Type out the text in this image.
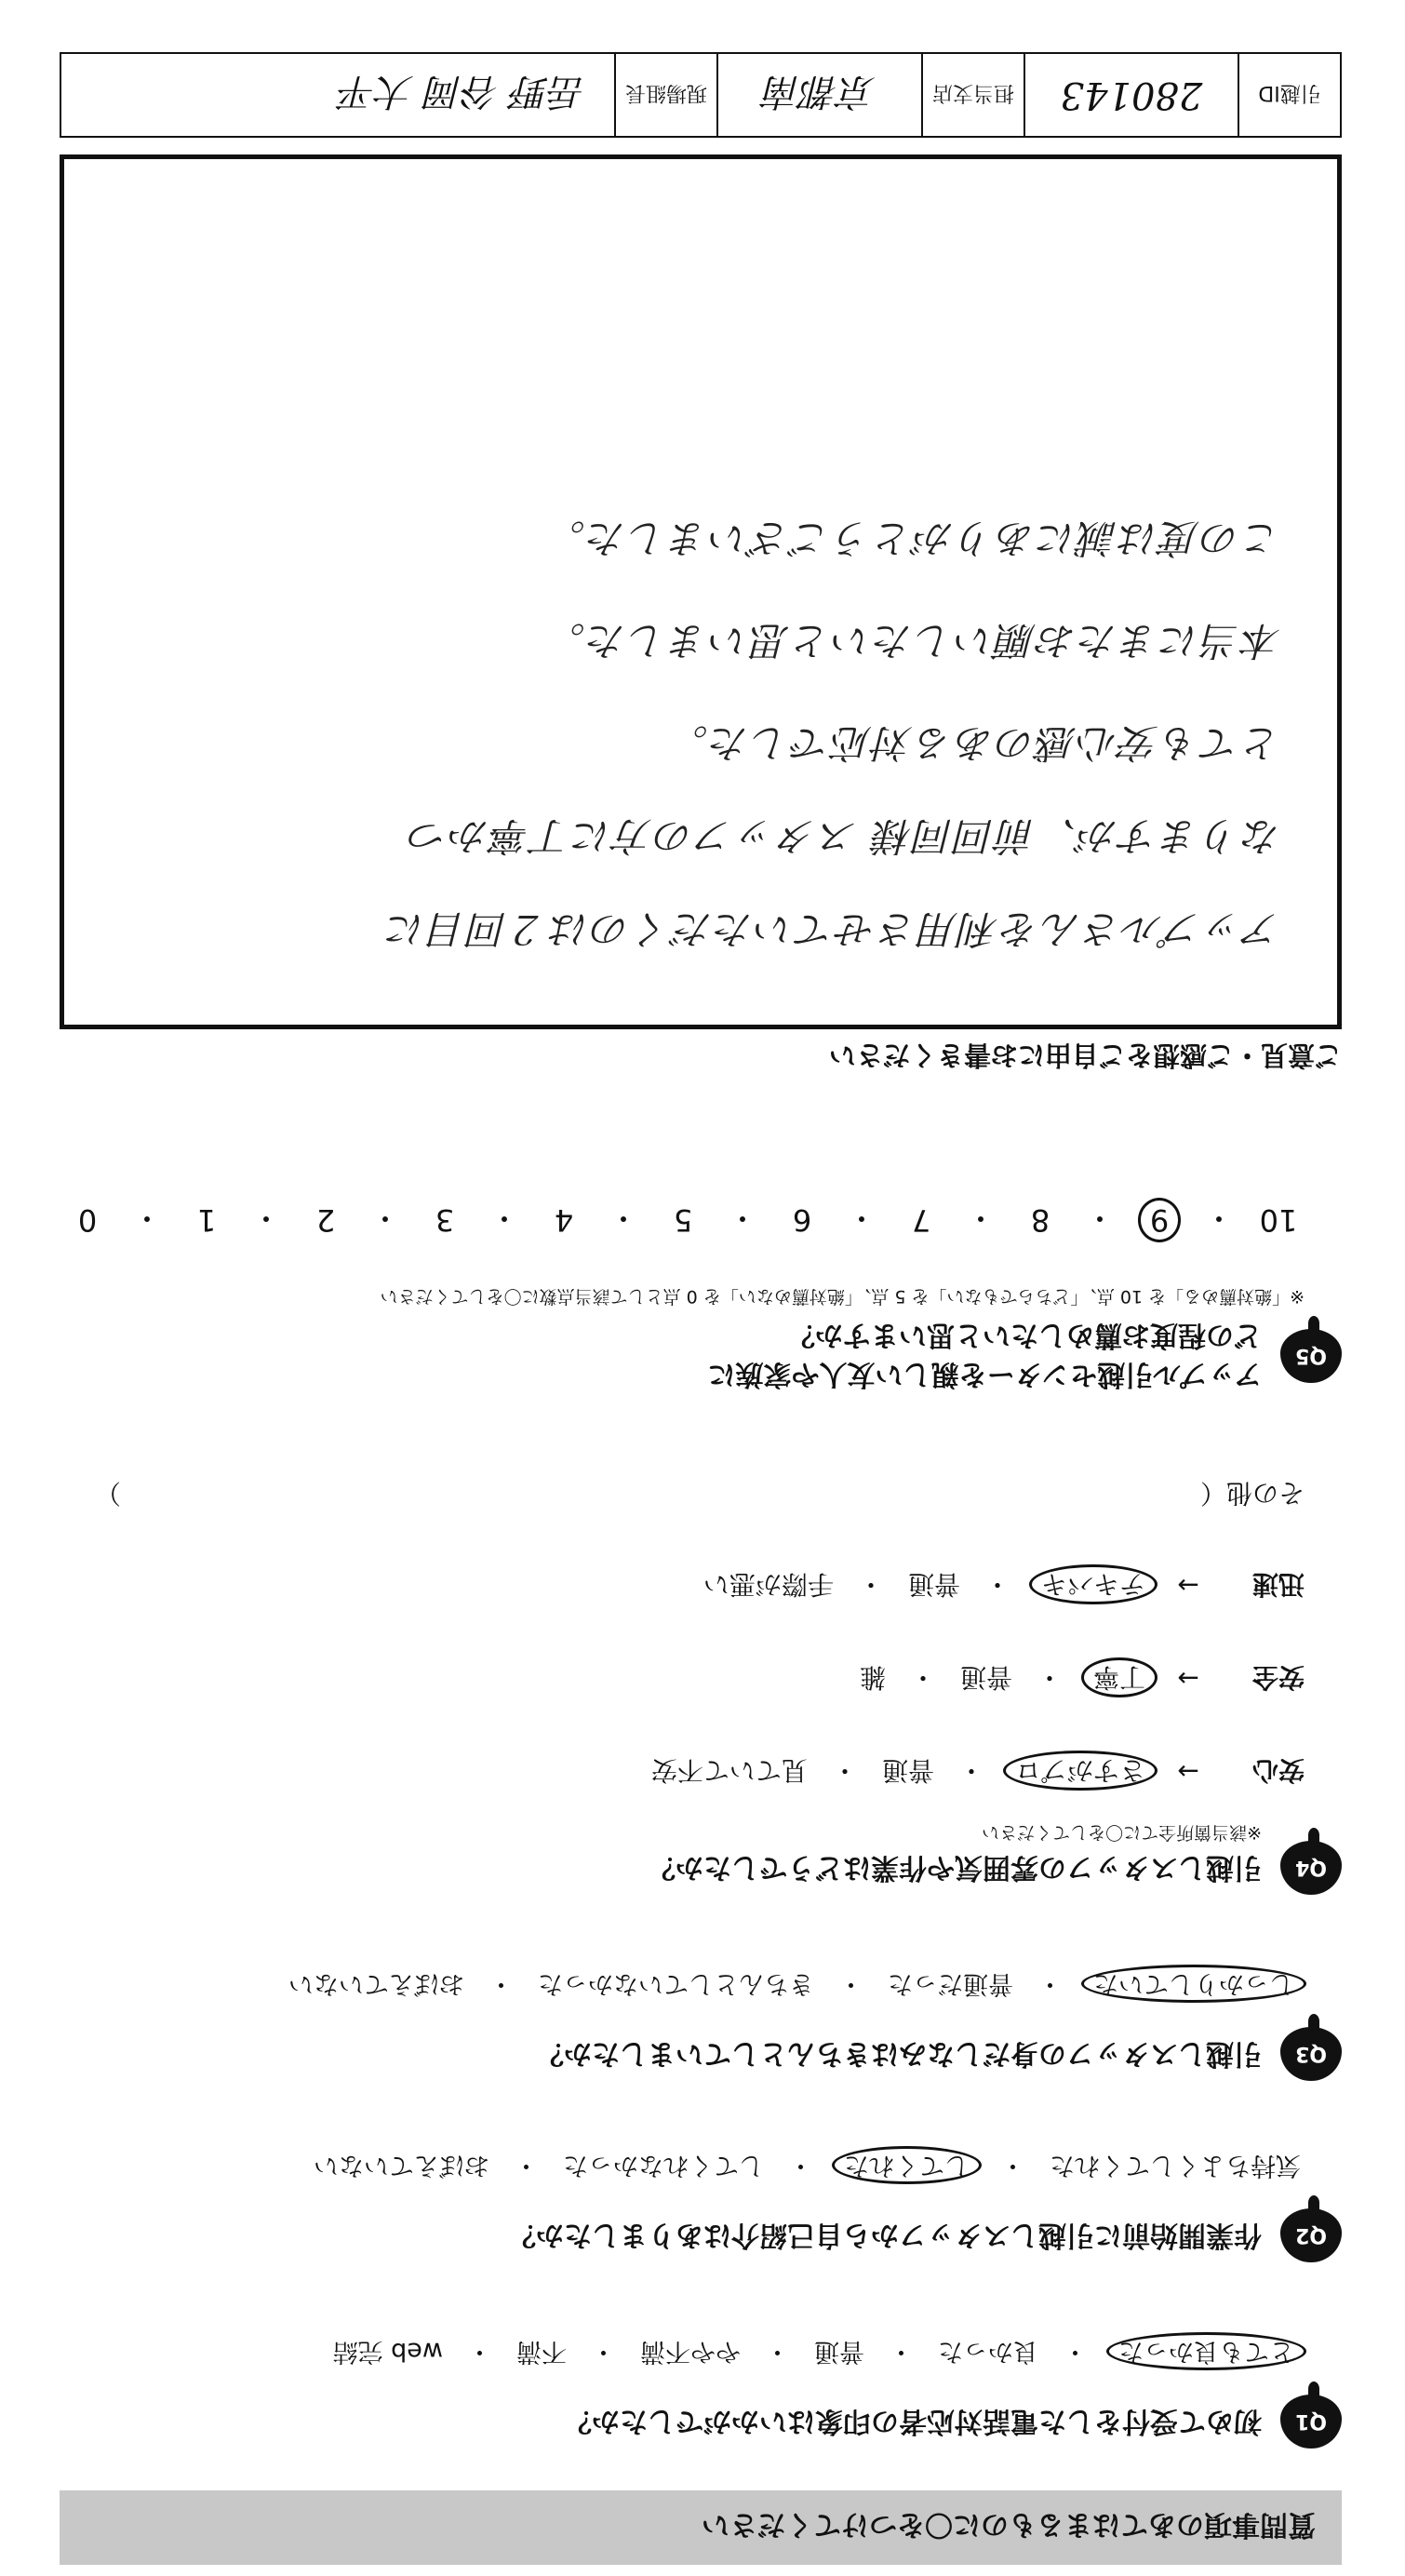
質問事項のあてはまるものに〇をつけてください
Q1
初めて受付をした電話対応者の印象はいかがでしたか？
とても良かった
・
良かった
・
普通
・
やや不満
・
不満
・
web 完結
Q2
作業開始前に引越しスタッフから自己紹介はありましたか？
気持ちよくしてくれた
・
してくれた
・
してくれなかった
・
おぼえていない
Q3
引越しスタッフの身だしなみはきちんとしていましたか？
しっかりしていた
・
普通だった
・
きちんとしていなかった
・
おぼえていない
Q4
引越しスタッフの雰囲気や作業はどうでしたか？
※該当箇所全てに〇をしてください
安心
→
さすがプロ
・
普通
・
見ていて不安
安全
→
丁寧
・
普通
・
雑
迅速
→
テキパキ
・
普通
・
手際が悪い
その他（
）
Q5
アップル引越センターを親しい友人や家族に
どの程度お薦めしたいと思いますか？
※「絶対薦める」を 10 点、「どちらでもない」を 5 点、「絶対薦めない」を 0 点として該当点数に〇をしてください
10
・
9
・
8
・
7
・
6
・
5
・
4
・
3
・
2
・
1
・
0
ご意見・ご感想をご自由にお書きください
アップルさんを利用させていただくのは２回目に
なりますが、前回同様 スタッフの方に丁寧かつ
とても安心感のある対応でした。
本当にまたお願いしたいと思いました。
この度は誠にありがとうございました。
引越ID
280143
担当支店
京都南
現場組長
岳野 谷岡 大平
